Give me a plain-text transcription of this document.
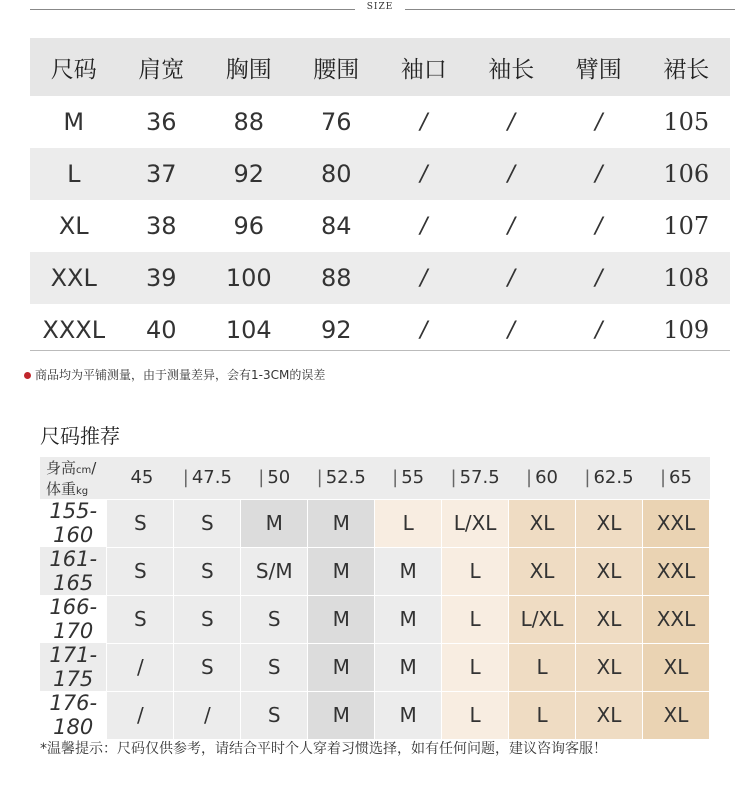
SIZE
尺码	肩宽	胸围	腰围	袖口	袖长	臂围	裙长
M	36	88	76	/	/	/	105
L	37	92	80	/	/	/	106
XL	38	96	84	/	/	/	107
XXL	39	100	88	/	/	/	108
XXXL	40	104	92	/	/	/	109
商品均为平铺测量，由于测量差异，会有1-3CM的误差
尺码推荐
身高cm/体重kg	45	| 47.5	| 50	| 52.5	| 55	| 57.5	| 60	| 62.5	| 65
155-160	S	S	M	M	L	L/XL	XL	XL	XXL
161-165	S	S	S/M	M	M	L	XL	XL	XXL
166-170	S	S	S	M	M	L	L/XL	XL	XXL
171-175	/	S	S	M	M	L	L	XL	XL
176-180	/	/	S	M	M	L	L	XL	XL
*温馨提示：尺码仅供参考，请结合平时个人穿着习惯选择，如有任何问题，建议咨询客服！
